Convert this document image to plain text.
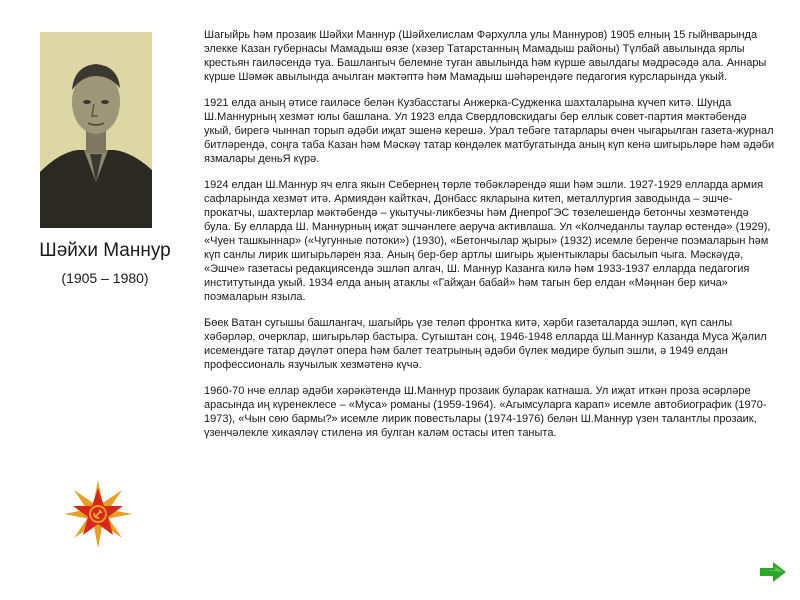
Шәйхи Маннур
(1905 – 1980)

Шагыйрь һәм прозаик Шәйхи Маннур (Шәйхелислам Фәрхулла улы Маннуров) 1905 елның 15 гыйнварында элекке Казан губернасы Мамадыш өязе (хәзер Татарстанның Мамадыш районы) Түлбай авылында ярлы крестьян гаиләсендә туа. Башлангыч белемне туган авылында һәм күрше авылдагы мәдрәсәдә ала. Аннары күрше Шәмәк авылында ачылган мәктәптә һәм Мамадыш шәһәрендәге педагогия курсларында укый.

1921 елда аның әтисе гаиләсе белән Кузбасстагы Анжерка-Судженка шахталарына күчеп китә. Шунда Ш.Маннурның хезмәт юлы башлана. Ул 1923 елда Свердловскидагы бер еллык совет-партия мәктәбендә укый, бирегә чыннап торып әдәби иҗат эшенә керешә. Урал тебәге татарлары өчен чыгарылган газета-журнал битләрендә, соңга таба Казан һәм Мәскәү татар көндәлек матбугатында аның күп кенә шигырьләре һәм әдәби язмалары деньЯ күрә.

1924 елдан Ш.Маннур яч елга якын Себернең төрле төбәкләрендә яши һәм эшли. 1927-1929 елларда армия сафларында хезмәт итә. Армиядән кайткач, Донбасс якларына китеп, металлургия заводында – эшче-прокатчы, шахтерлар мәктәбендә – укытучы-ликбезчы һәм ДнепроГЭС төзелешендә бетончы хезмәтендә була. Бу елларда Ш. Маннурның иҗат эшчәнлеге аеруча активлаша. Ул «Колчеданлы таулар өстендә» (1929), «Чуен ташкыннар» («Чугунные потоки») (1930), «Бетончылар җыры» (1932) исемле беренче поэмаларын һәм күп санлы лирик шигырьләрен яза. Аның бер-бер артлы шигырь җыентыклары басылып чыга. Мәскәүдә, «Эшче» газетасы редакциясендә эшләп алгач, Ш. Маннур Казанга килә һәм 1933-1937 елларда педагогия институтында укый. 1934 елда аның атаклы «Гайҗан бабай» һәм тагын бер елдан «Мәңнән бер кича» поэмаларын язылa.

Бөек Ватан сугышы башлангач, шагыйрь үзе теләп фронтка китә, хәрби газеталарда эшләп, күп санлы хәбәрләр, очерклар, шигырьләр бастыра. Сугыштан соң, 1946-1948 елларда Ш.Маннур Казанда Муса Җәлил исемендәге татар дәүләт опера һәм балет театрының әдәби бүлек мөдире булып эшли, ә 1949 елдан профессиональ язучылык хезмәтенә күчә.

1960-70 нче еллар әдәби хәрәкәтендә Ш.Маннур прозаик буларак катнаша. Ул иҗат иткән проза әсәрләре арасында иң күренеклесе – «Муса» романы (1959-1964). «Агымсуларга карап» исемле автобиографик (1970-1973), «Чын сөю бармы?» исемле лирик повестьлары (1974-1976) белән Ш.Маннур үзен талантлы прозаик, үзенчәлекле хикаяләү стиленә ия булган каләм остасы итеп таныта.
